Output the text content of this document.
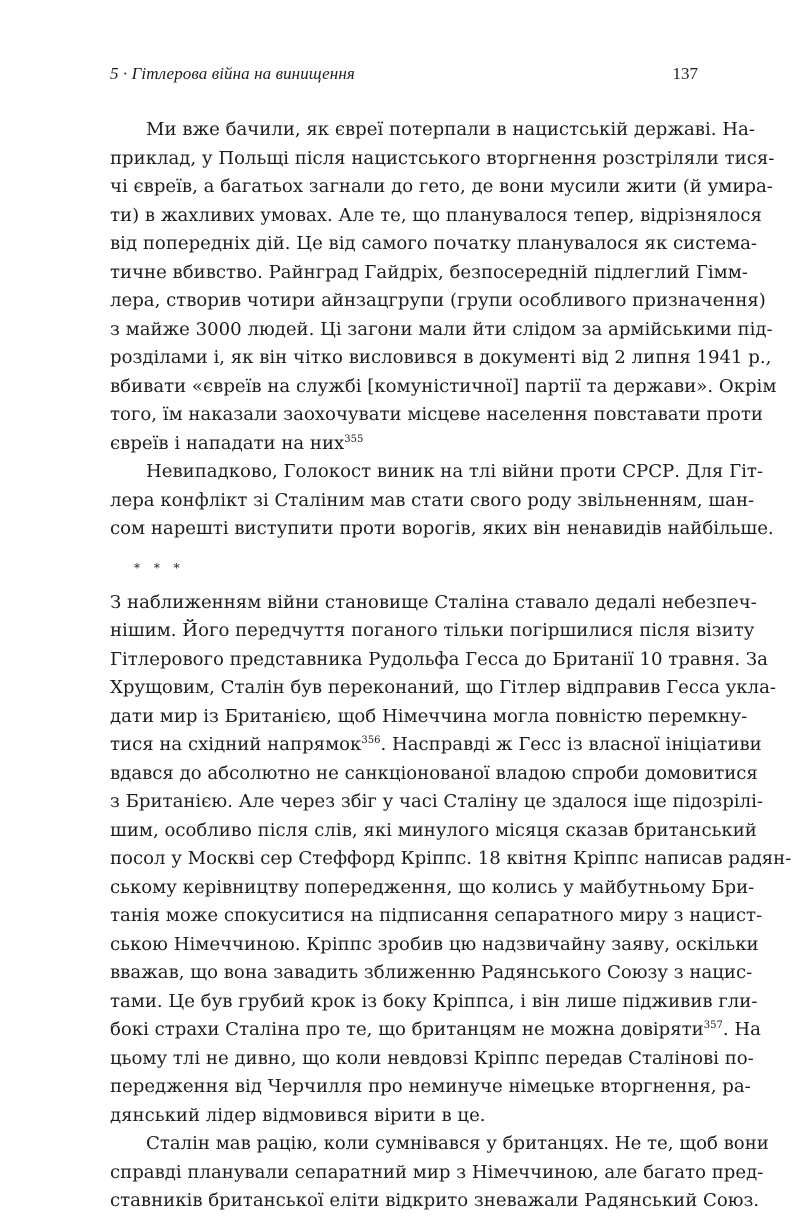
5 · Гітлерова війна на винищення	137

Ми вже бачили, як євреї потерпали в нацистській державі. На-
приклад, у Польщі після нацистського вторгнення розстріляли тися-
чі євреїв, а багатьох загнали до гето, де вони мусили жити (й умира-
ти) в жахливих умовах. Але те, що планувалося тепер, відрізнялося
від попередніх дій. Це від самого початку планувалося як система-
тичне вбивство. Райнград Гайдріх, безпосередній підлеглий Гімм-
лера, створив чотири айнзацгрупи (групи особливого призначення)
з майже 3000 людей. Ці загони мали йти слідом за армійськими під-
розділами і, як він чітко висловився в документі від 2 липня 1941 р.,
вбивати «євреїв на службі [комуністичної] партії та держави». Окрім
того, їм наказали заохочувати місцеве населення повставати проти
євреїв і нападати на них$^{355}$

Невипадково, Голокост виник на тлі війни проти СРСР. Для Гіт-
лера конфлікт зі Сталіним мав стати свого роду звільненням, шан-
сом нарешті виступити проти ворогів, яких він ненавидів найбільше.

* * *

З наближенням війни становище Сталіна ставало дедалі небезпеч-
нішим. Його передчуття поганого тільки погіршилися після візиту
Гітлерового представника Рудольфа Гесса до Британії 10 травня. За
Хрущовим, Сталін був переконаний, що Гітлер відправив Гесса укла-
дати мир із Британією, щоб Німеччина могла повністю перемкну-
тися на східний напрямок$^{356}$. Насправді ж Гесс із власної ініціативи
вдався до абсолютно не санкціонованої владою спроби домовитися
з Британією. Але через збіг у часі Сталіну це здалося іще підозрілі-
шим, особливо після слів, які минулого місяця сказав британський
посол у Москві сер Стеффорд Кріппс. 18 квітня Кріппс написав радян-
ському керівництву попередження, що колись у майбутньому Бри-
танія може спокуситися на підписання сепаратного миру з нацист-
ською Німеччиною. Кріппс зробив цю надзвичайну заяву, оскільки
вважав, що вона завадить зближенню Радянського Союзу з нацис-
тами. Це був грубий крок із боку Кріппса, і він лише підживив гли-
бокі страхи Сталіна про те, що британцям не можна довіряти$^{357}$. На
цьому тлі не дивно, що коли невдовзі Кріппс передав Сталінові по-
передження від Черчилля про неминуче німецьке вторгнення, ра-
дянський лідер відмовився вірити в це.

Сталін мав рацію, коли сумнівався у британцях. Не те, щоб вони
справді планували сепаратний мир з Німеччиною, але багато пред-
ставників британської еліти відкрито зневажали Радянський Союз.
